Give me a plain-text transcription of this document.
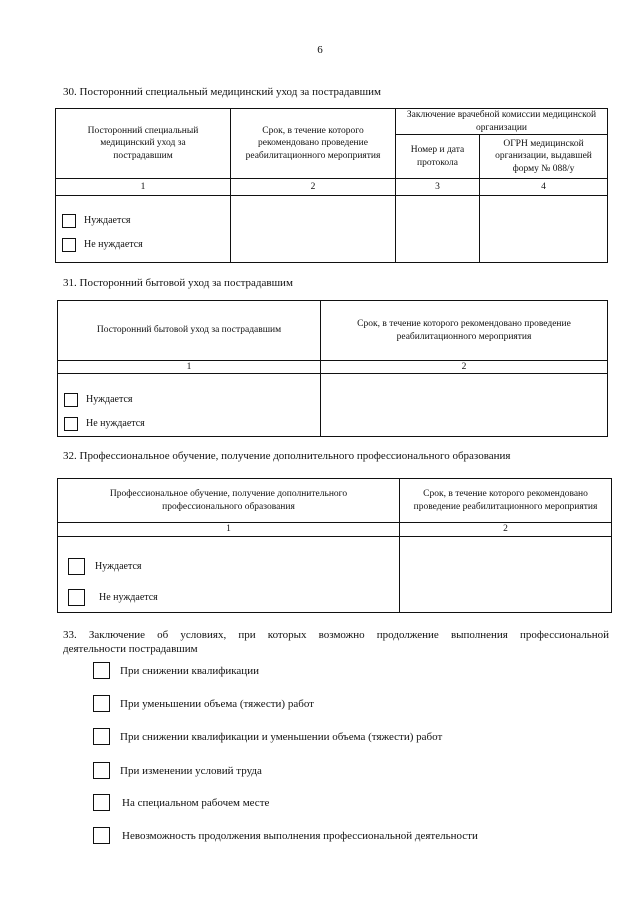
6
30. Посторонний специальный медицинский уход за пострадавшим
Посторонний специальный медицинский уход за пострадавшим	Срок, в течение которого рекомендовано проведение реабилитационного мероприятия	Заключение врачебной комиссии медицинской организации	
		Номер и дата протокола	ОГРН медицинской организации, выдавшей форму № 088/у
1	2	3	4

Нуждается
Не нуждается			

31. Посторонний бытовой уход за пострадавшим
Посторонний бытовой уход за пострадавшим	Срок, в течение которого рекомендовано проведение реабилитационного мероприятия
1	2

Нуждается
Не нуждается	

32. Профессиональное обучение, получение дополнительного профессионального образования
Профессиональное обучение, получение дополнительного профессионального образования	Срок, в течение которого рекомендовано проведение реабилитационного мероприятия
1	2

Нуждается
Не нуждается	

33. Заключение об условиях, при которых возможно продолжение выполнения профессиональной
деятельности пострадавшим
При снижении квалификации
При уменьшении объема (тяжести) работ
При снижении квалификации и уменьшении объема (тяжести) работ
При изменении условий труда
На специальном рабочем месте
Невозможность продолжения выполнения профессиональной деятельности
